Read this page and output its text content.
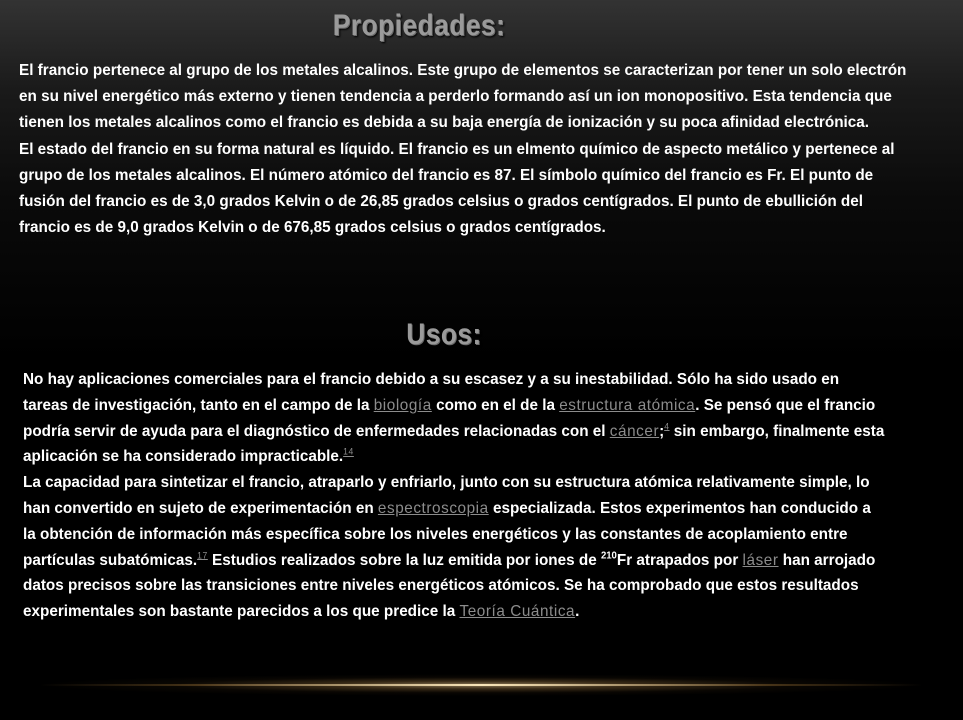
Propiedades:

El francio pertenece al grupo de los metales alcalinos. Este grupo de elementos se caracterizan por tener un solo electrón en su nivel energético más externo y tienen tendencia a perderlo formando así un ion monopositivo. Esta tendencia que tienen los metales alcalinos como el francio es debida a su baja energía de ionización y su poca afinidad electrónica.

El estado del francio en su forma natural es líquido. El francio es un elmento químico de aspecto metálico y pertenece al grupo de los metales alcalinos. El número atómico del francio es 87. El símbolo químico del francio es Fr. El punto de fusión del francio es de 3,0 grados Kelvin o de 26,85 grados celsius o grados centígrados. El punto de ebullición del francio es de 9,0 grados Kelvin o de 676,85 grados celsius o grados centígrados.

Usos:

No hay aplicaciones comerciales para el francio debido a su escasez y a su inestabilidad. Sólo ha sido usado en tareas de investigación, tanto en el campo de la biología como en el de la estructura atómica. Se pensó que el francio podría servir de ayuda para el diagnóstico de enfermedades relacionadas con el cáncer;$^4$ sin embargo, finalmente esta aplicación se ha considerado impracticable.$^{14}$

La capacidad para sintetizar el francio, atraparlo y enfriarlo, junto con su estructura atómica relativamente simple, lo han convertido en sujeto de experimentación en espectroscopia especializada. Estos experimentos han conducido a la obtención de información más específica sobre los niveles energéticos y las constantes de acoplamiento entre partículas subatómicas.$^{17}$ Estudios realizados sobre la luz emitida por iones de $^{210}$Fr atrapados por láser han arrojado datos precisos sobre las transiciones entre niveles energéticos atómicos. Se ha comprobado que estos resultados experimentales son bastante parecidos a los que predice la Teoría Cuántica.
